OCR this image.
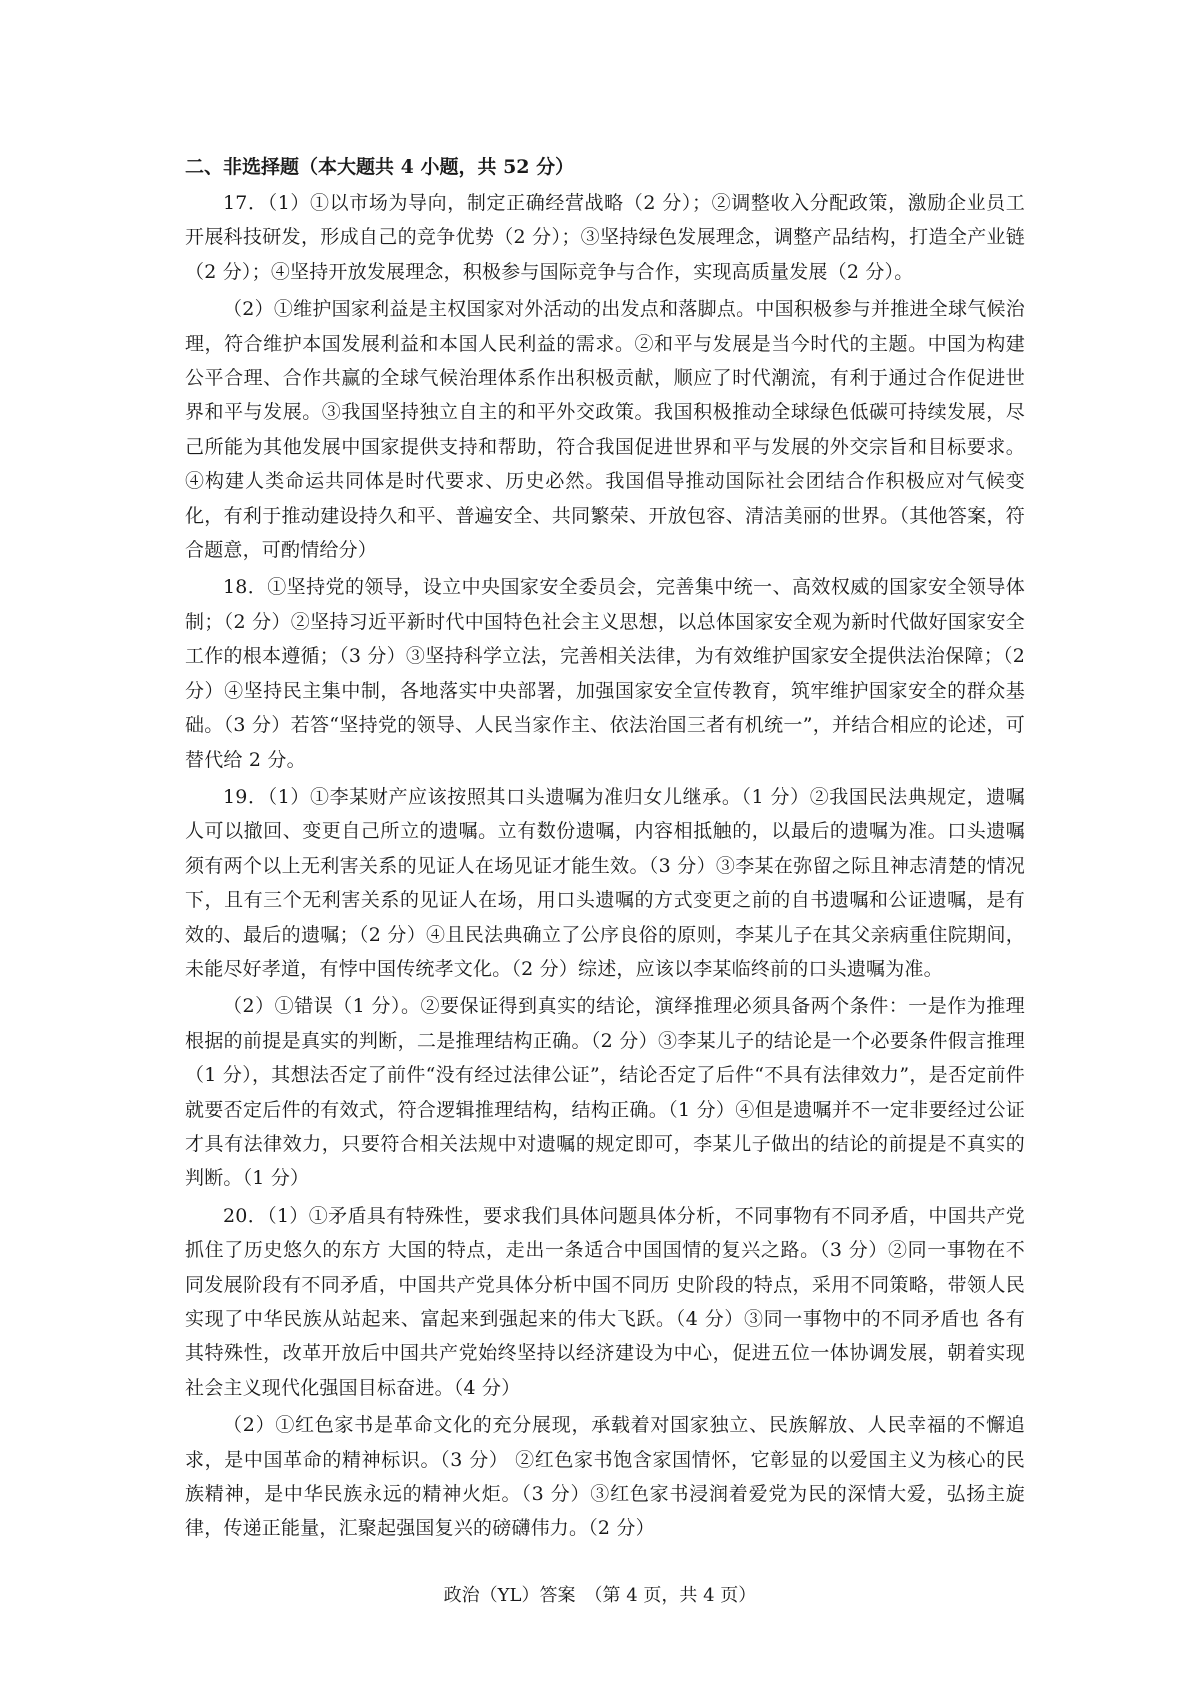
二、非选择题（本大题共 4 小题，共 52 分）

17．（1）①以市场为导向，制定正确经营战略（2 分）；②调整收入分配政策，激励企业员工开展科技研发，形成自己的竞争优势（2 分）；③坚持绿色发展理念，调整产品结构，打造全产业链（2 分）；④坚持开放发展理念，积极参与国际竞争与合作，实现高质量发展（2 分）。

（2）①维护国家利益是主权国家对外活动的出发点和落脚点。中国积极参与并推进全球气候治理，符合维护本国发展利益和本国人民利益的需求。②和平与发展是当今时代的主题。中国为构建公平合理、合作共赢的全球气候治理体系作出积极贡献，顺应了时代潮流，有利于通过合作促进世界和平与发展。③我国坚持独立自主的和平外交政策。我国积极推动全球绿色低碳可持续发展，尽己所能为其他发展中国家提供支持和帮助，符合我国促进世界和平与发展的外交宗旨和目标要求。④构建人类命运共同体是时代要求、历史必然。我国倡导推动国际社会团结合作积极应对气候变化，有利于推动建设持久和平、普遍安全、共同繁荣、开放包容、清洁美丽的世界。（其他答案，符合题意，可酌情给分）

18．①坚持党的领导，设立中央国家安全委员会，完善集中统一、高效权威的国家安全领导体制；（2 分）②坚持习近平新时代中国特色社会主义思想，以总体国家安全观为新时代做好国家安全工作的根本遵循；（3 分）③坚持科学立法，完善相关法律，为有效维护国家安全提供法治保障；（2 分）④坚持民主集中制，各地落实中央部署，加强国家安全宣传教育，筑牢维护国家安全的群众基础。（3 分）若答“坚持党的领导、人民当家作主、依法治国三者有机统一”，并结合相应的论述，可替代给 2 分。

19．（1）①李某财产应该按照其口头遗嘱为准归女儿继承。（1 分）②我国民法典规定，遗嘱人可以撤回、变更自己所立的遗嘱。立有数份遗嘱，内容相抵触的，以最后的遗嘱为准。口头遗嘱须有两个以上无利害关系的见证人在场见证才能生效。（3 分）③李某在弥留之际且神志清楚的情况下，且有三个无利害关系的见证人在场，用口头遗嘱的方式变更之前的自书遗嘱和公证遗嘱，是有效的、最后的遗嘱；（2 分）④且民法典确立了公序良俗的原则，李某儿子在其父亲病重住院期间，未能尽好孝道，有悖中国传统孝文化。（2 分）综述，应该以李某临终前的口头遗嘱为准。

（2）①错误（1 分）。②要保证得到真实的结论，演绎推理必须具备两个条件：一是作为推理根据的前提是真实的判断，二是推理结构正确。（2 分）③李某儿子的结论是一个必要条件假言推理（1 分），其想法否定了前件“没有经过法律公证”，结论否定了后件“不具有法律效力”，是否定前件就要否定后件的有效式，符合逻辑推理结构，结构正确。（1 分）④但是遗嘱并不一定非要经过公证才具有法律效力，只要符合相关法规中对遗嘱的规定即可，李某儿子做出的结论的前提是不真实的判断。（1 分）

20．（1）①矛盾具有特殊性，要求我们具体问题具体分析，不同事物有不同矛盾，中国共产党抓住了历史悠久的东方 大国的特点，走出一条适合中国国情的复兴之路。（3 分）②同一事物在不同发展阶段有不同矛盾，中国共产党具体分析中国不同历 史阶段的特点，采用不同策略，带领人民实现了中华民族从站起来、富起来到强起来的伟大飞跃。（4 分）③同一事物中的不同矛盾也 各有其特殊性，改革开放后中国共产党始终坚持以经济建设为中心，促进五位一体协调发展，朝着实现社会主义现代化强国目标奋进。（4 分）

（2）①红色家书是革命文化的充分展现，承载着对国家独立、民族解放、人民幸福的不懈追求，是中国革命的精神标识。（3 分） ②红色家书饱含家国情怀，它彰显的以爱国主义为核心的民族精神，是中华民族永远的精神火炬。（3 分）③红色家书浸润着爱党为民的深情大爱，弘扬主旋律，传递正能量，汇聚起强国复兴的磅礴伟力。（2 分）

政治（YL）答案　（第 4 页，共 4 页）
